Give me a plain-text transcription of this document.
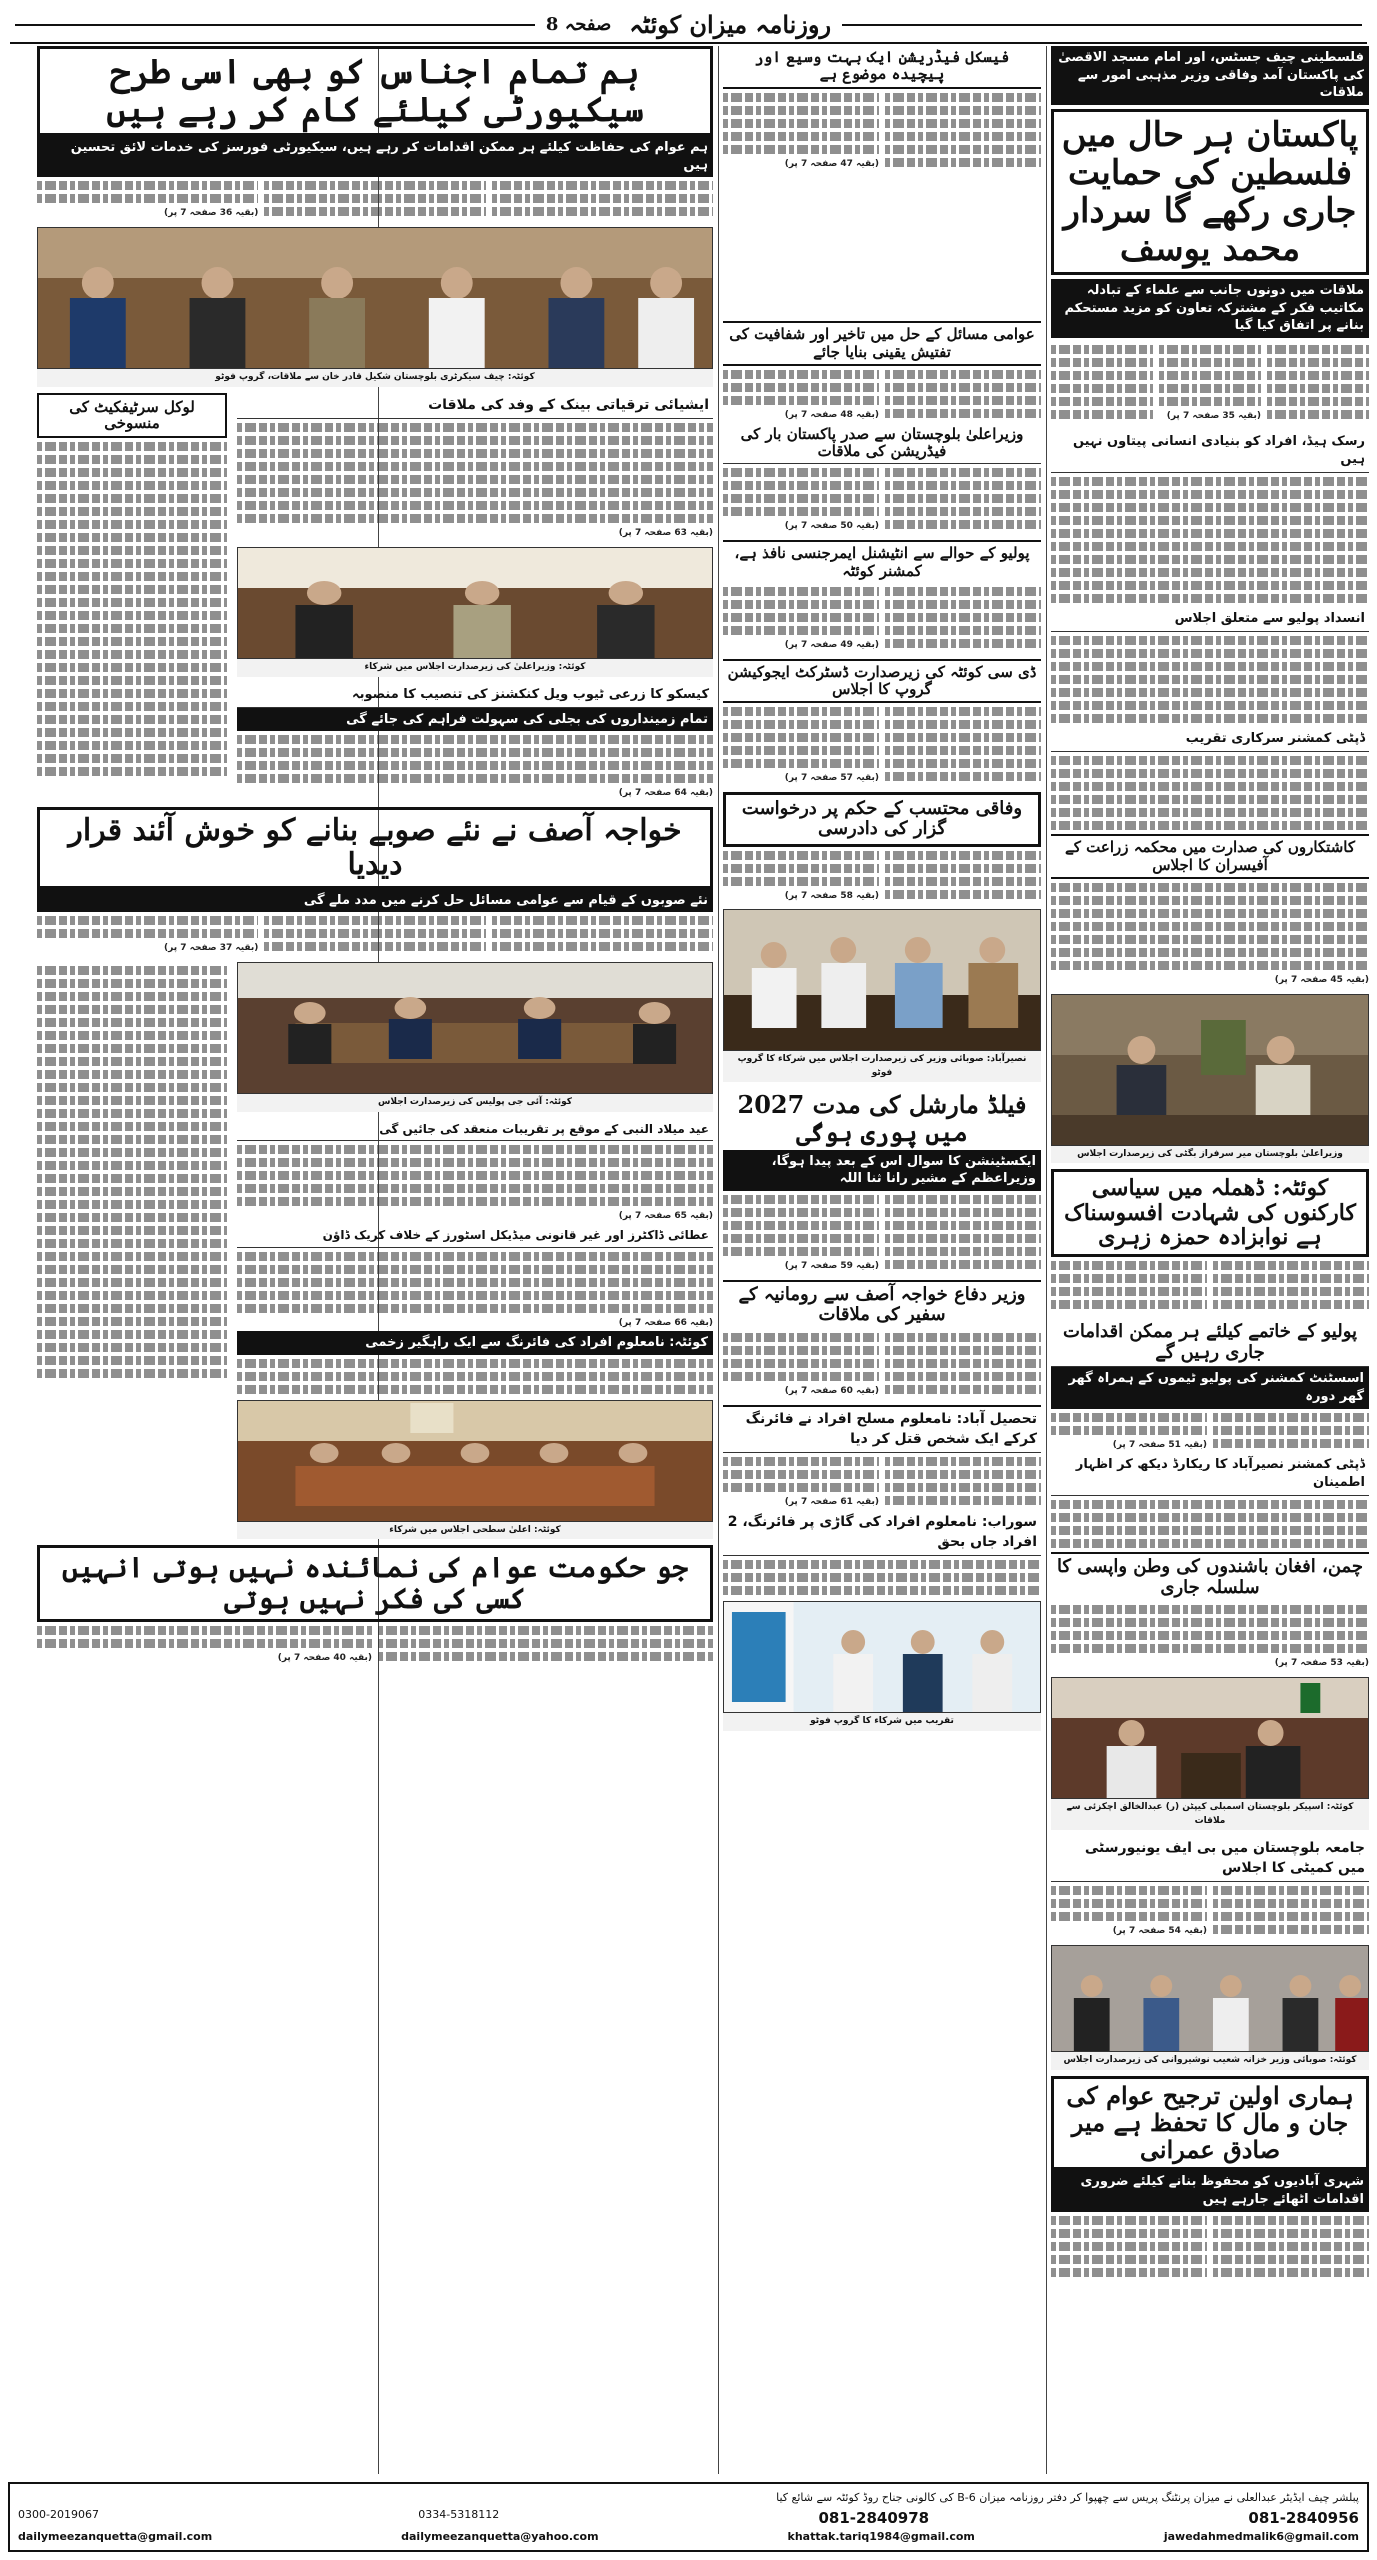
روزنامہ میزان کوئٹہ
صفحہ 8
فلسطینی چیف جسٹس، اور امام مسجد الاقصیٰ کی پاکستان آمد وفاقی وزیر مذہبی امور سے ملاقات
پاکستان ہر حال میں فلسطین کی حمایت جاری رکھے گا سردار محمد یوسف
ملاقات میں دونوں جانب سے علماء کے تبادلہ مکاتیب فکر کے مشترکہ تعاون کو مزید مستحکم بنانے پر اتفاق کیا گیا
(بقیہ 35 صفحہ 7 پر)
رسک ہیڈ، افراد کو بنیادی انسانی پیتاوں نہیں ہیں
انسداد پولیو سے متعلق اجلاس
ڈپٹی کمشنر سرکاری تقریب
کاشتکاروں کی صدارت میں محکمہ زراعت کے آفیسران کا اجلاس
(بقیہ 45 صفحہ 7 پر)
وزیراعلیٰ بلوچستان میر سرفراز بگٹی کی زیرصدارت اجلاس
کوئٹہ: ڈھملہ میں سیاسی کارکنوں کی شہادت افسوسناک ہے نوابزادہ حمزہ زہری
پولیو کے خاتمے کیلئے ہر ممکن اقدامات جاری رہیں گے
اسسٹنٹ کمشنر کی پولیو ٹیموں کے ہمراہ گھر گھر دورہ
(بقیہ 51 صفحہ 7 پر)
ڈپٹی کمشنر نصیرآباد کا ریکارڈ دیکھ کر اظہار اطمینان
چمن، افغان باشندوں کی وطن واپسی کا سلسلہ جاری
(بقیہ 53 صفحہ 7 پر)
کوئٹہ: اسپیکر بلوچستان اسمبلی کیپٹن (ر) عبدالخالق اچکزئی سے ملاقات
جامعہ بلوچستان میں بی ایف یونیورسٹی میں کمیٹی کا اجلاس
(بقیہ 54 صفحہ 7 پر)
کوئٹہ: صوبائی وزیر خزانہ شعیب نوشیروانی کی زیرصدارت اجلاس
ہماری اولین ترجیح عوام کی جان و مال کا تحفظ ہے میر صادق عمرانی
شہری آبادیوں کو محفوظ بنانے کیلئے ضروری اقدامات اٹھائے جارہے ہیں
فیسکل فیڈریشن ایک بہت وسیع اور پیچیدہ موضوع ہے
(بقیہ 47 صفحہ 7 پر)
عوامی مسائل کے حل میں تاخیر اور شفافیت کی تفتیش یقینی بنایا جائے
(بقیہ 48 صفحہ 7 پر)
وزیراعلیٰ بلوچستان سے صدر پاکستان بار کی فیڈریشن کی ملاقات
(بقیہ 50 صفحہ 7 پر)
پولیو کے حوالے سے انٹیشنل ایمرجنسی نافذ ہے، کمشنر کوئٹہ
(بقیہ 49 صفحہ 7 پر)
ڈی سی کوئٹہ کی زیرصدارت ڈسٹرکٹ ایجوکیشن گروپ کا اجلاس
(بقیہ 57 صفحہ 7 پر)
وفاقی محتسب کے حکم پر درخواست گزار کی دادرسی
(بقیہ 58 صفحہ 7 پر)
نصیرآباد: صوبائی وزیر کی زیرصدارت اجلاس میں شرکاء کا گروپ فوٹو
فیلڈ مارشل کی مدت 2027 میں پوری ہوگی
ایکسٹینشن کا سوال اس کے بعد پیدا ہوگا، وزیراعظم کے مشیر رانا ثنا اللہ
(بقیہ 59 صفحہ 7 پر)
وزیر دفاع خواجہ آصف سے رومانیہ کے سفیر کی ملاقات
(بقیہ 60 صفحہ 7 پر)
تحصیل آباد: نامعلوم مسلح افراد نے فائرنگ کرکے ایک شخص قتل کر دیا
(بقیہ 61 صفحہ 7 پر)
سوراب: نامعلوم افراد کی گاڑی پر فائرنگ، 2 افراد جاں بحق
تقریب میں شرکاء کا گروپ فوٹو
ہم تمام اجناس کو بھی اسی طرح سیکیورٹی کیلئے کام کر رہے ہیں
ہم عوام کی حفاظت کیلئے ہر ممکن اقدامات کر رہے ہیں، سیکیورٹی فورسز کی خدمات لائق تحسین ہیں
(بقیہ 36 صفحہ 7 پر)
کوئٹہ: چیف سیکرٹری بلوچستان شکیل قادر خان سے ملاقات، گروپ فوٹو
ایشیائی ترقیاتی بینک کے وفد کی ملاقات
(بقیہ 63 صفحہ 7 پر)
کوئٹہ: وزیراعلیٰ کی زیرصدارت اجلاس میں شرکاء
کیسکو کا زرعی ٹیوب ویل کنکشنز کی تنصیب کا منصوبہ
تمام زمینداروں کی بجلی کی سہولت فراہم کی جائے گی
(بقیہ 64 صفحہ 7 پر)
لوکل سرٹیفکیٹ کی منسوخی
خواجہ آصف نے نئے صوبے بنانے کو خوش آئند قرار دیدیا
نئے صوبوں کے قیام سے عوامی مسائل حل کرنے میں مدد ملے گی
(بقیہ 37 صفحہ 7 پر)
کوئٹہ: آئی جی پولیس کی زیرصدارت اجلاس
عید میلاد النبی کے موقع پر تقریبات منعقد کی جائیں گی
(بقیہ 65 صفحہ 7 پر)
عطائی ڈاکٹرز اور غیر قانونی میڈیکل اسٹورز کے خلاف کریک ڈاؤن
(بقیہ 66 صفحہ 7 پر)
کوئٹہ: نامعلوم افراد کی فائرنگ سے ایک راہگیر زخمی
کوئٹہ: اعلیٰ سطحی اجلاس میں شرکاء
جو حکومت عوام کی نمائندہ نہیں ہوتی انہیں کسی کی فکر نہیں ہوتی
(بقیہ 40 صفحہ 7 پر)
پبلشر چیف ایڈیٹر عبدالعلی نے میزان پرنٹنگ پریس سے چھپوا کر دفتر روزنامہ میزان B-6 کی کالونی جناح روڈ کوئٹہ سے شائع کیا
081-2840956
081-2840978
0334-5318112
0300-2019067
dailymeezanquetta@gmail.com	dailymeezanquetta@yahoo.com	khattak.tariq1984@gmail.com	jawedahmedmalik6@gmail.com
